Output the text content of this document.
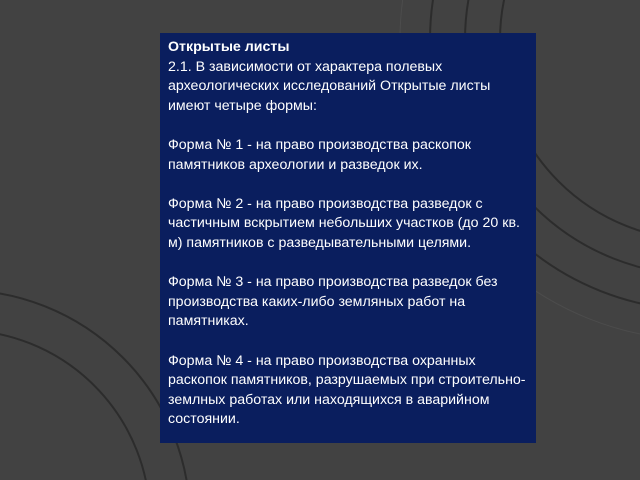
Открытые листы

2.1. В зависимости от характера полевых археологических исследований Открытые листы имеют четыре формы:

Форма № 1 - на право производства раскопок памятников археологии и разведок их.

Форма № 2 - на право производства разведок с частичным вскрытием небольших участков (до 20 кв. м) памятников с разведывательными целями.

Форма № 3 - на право производства разведок без производства каких-либо земляных работ на памятниках.

Форма № 4 - на право производства охранных раскопок памятников, разрушаемых при строительно-землных работах или находящихся в аварийном состоянии.
